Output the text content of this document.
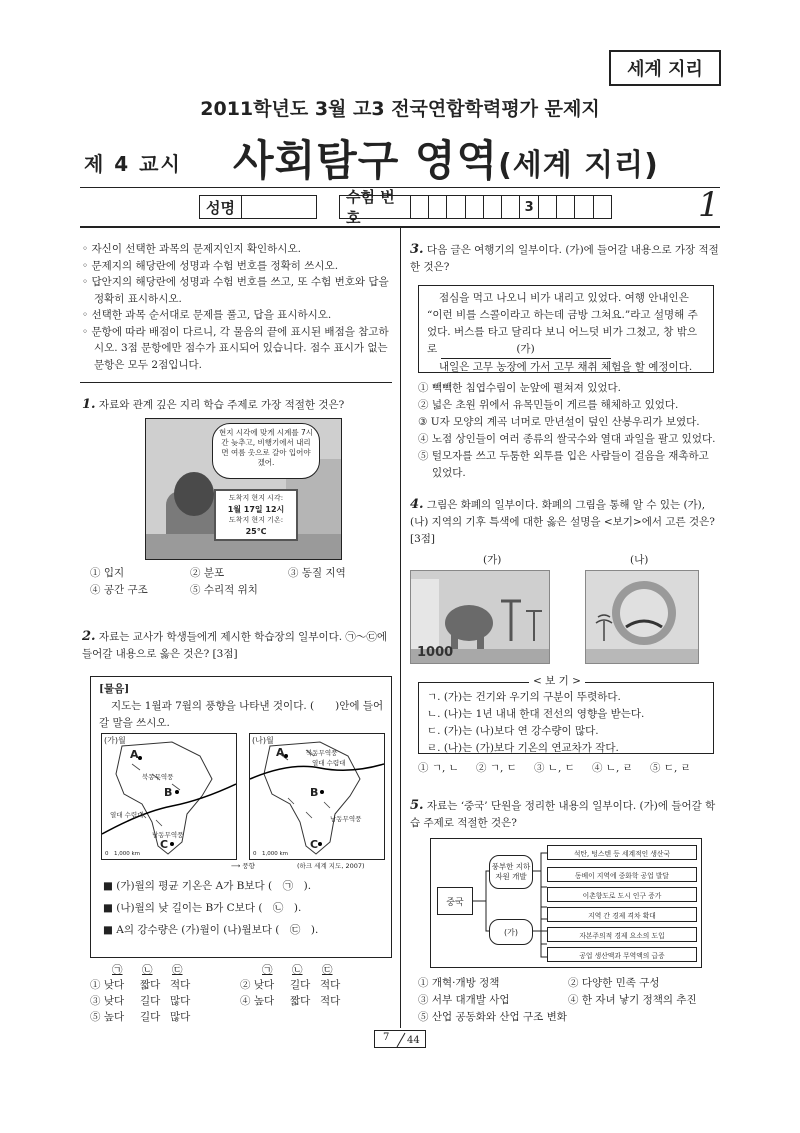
세계 지리
2011학년도 3월 고3 전국연합학력평가 문제지
제 4 교시 사회탐구 영역(세계 지리)
성명
수험 번호
3	1
◦ 자신이 선택한 과목의 문제지인지 확인하시오.
◦ 문제지의 해당란에 성명과 수험 번호를 정확히 쓰시오.
◦ 답안지의 해당란에 성명과 수험 번호를 쓰고, 또 수험 번호와 답을 정확히 표시하시오.
◦ 선택한 과목 순서대로 문제를 풀고, 답을 표시하시오.
◦ 문항에 따라 배점이 다르니, 각 물음의 끝에 표시된 배점을 참고하시오. 3점 문항에만 점수가 표시되어 있습니다. 점수 표시가 없는 문항은 모두 2점입니다.
1. 자료와 관계 깊은 지리 학습 주제로 가장 적절한 것은?
현지 시각에 맞게 시계를 7시간 늦추고, 비행기에서 내리면 여름 옷으로 갈아 입어야겠어.
도착지 현지 시각:
1월 17일 12시
도착지 현지 기온:
25℃
① 입지	② 분포	③ 동질 지역
④ 공간 구조	⑤ 수리적 위치
2. 자료는 교사가 학생들에게 제시한 학습장의 일부이다. ㉠～㉢에 들어갈 내용으로 옳은 것은? [3점]
[물음]
지도는 1월과 7월의 풍향을 나타낸 것이다. (　　)안에 들어갈 말을 쓰시오.
(가)월
A
북동무역풍
B
열대 수렴대
남동무역풍
C
0　1,000 km
(나)월
A	북동무역풍
열대 수렴대
B
남동무역풍
C
0　1,000 km
⟶ 풍향	(하크 세계 지도, 2007)
■ (가)월의 평균 기온은 A가 B보다 (　㉠　).
■ (나)월의 낮 길이는 B가 C보다 (　㉡　).
■ A의 강수량은 (가)월이 (나)월보다 (　㉢　).
㉠ ㉡ ㉢	㉠ ㉡ ㉢
① 낮다 짧다 적다	② 낮다 길다 적다
③ 낮다 길다 많다	④ 높다 짧다 적다
⑤ 높다 길다 많다
3. 다음 글은 여행기의 일부이다. (가)에 들어갈 내용으로 가장 적절한 것은?
점심을 먹고 나오니 비가 내리고 있었다. 여행 안내인은 “이런 비를 스콜이라고 하는데 금방 그쳐요.”라고 설명해 주었다. 버스를 타고 달리다 보니 어느덧 비가 그쳤고, 창 밖으로	(가)
내일은 고무 농장에 가서 고무 채취 체험을 할 예정이다.
① 빽빽한 침엽수림이 눈앞에 펼쳐져 있었다.
② 넓은 초원 위에서 유목민들이 게르를 해체하고 있었다.
③ U자 모양의 계곡 너머로 만년설이 덮인 산봉우리가 보였다.
④ 노점 상인들이 여러 종류의 쌀국수와 열대 과일을 팔고 있었다.
⑤ 털모자를 쓰고 두툼한 외투를 입은 사람들이 걸음을 재촉하고 있었다.
4. 그림은 화폐의 일부이다. 화폐의 그림을 통해 알 수 있는 (가), (나) 지역의 기후 특색에 대한 옳은 설명을 <보기>에서 고른 것은? [3점]
(가)	(나)
1000
< 보 기 >
ㄱ. (가)는 건기와 우기의 구분이 뚜렷하다.
ㄴ. (나)는 1년 내내 한대 전선의 영향을 받는다.
ㄷ. (가)는 (나)보다 연 강수량이 많다.
ㄹ. (나)는 (가)보다 기온의 연교차가 작다.
① ㄱ, ㄴ ② ㄱ, ㄷ ③ ㄴ, ㄷ ④ ㄴ, ㄹ ⑤ ㄷ, ㄹ
5. 자료는 ‘중국’ 단원을 정리한 내용의 일부이다. (가)에 들어갈 학습 주제로 적절한 것은?
중국
풍부한 지하 자원 개발
(가)
석탄, 텅스텐 등 세계적인 생산국
동베이 지역에 중화학 공업 발달
이촌향도로 도시 인구 증가
지역 간 경제 격차 확대
자본주의적 경제 요소의 도입
공업 생산액과 무역액의 급증
① 개혁·개방 정책	② 다양한 민족 구성
③ 서부 대개발 사업	④ 한 자녀 낳기 정책의 추진
⑤ 산업 공동화와 산업 구조 변화
7 44
